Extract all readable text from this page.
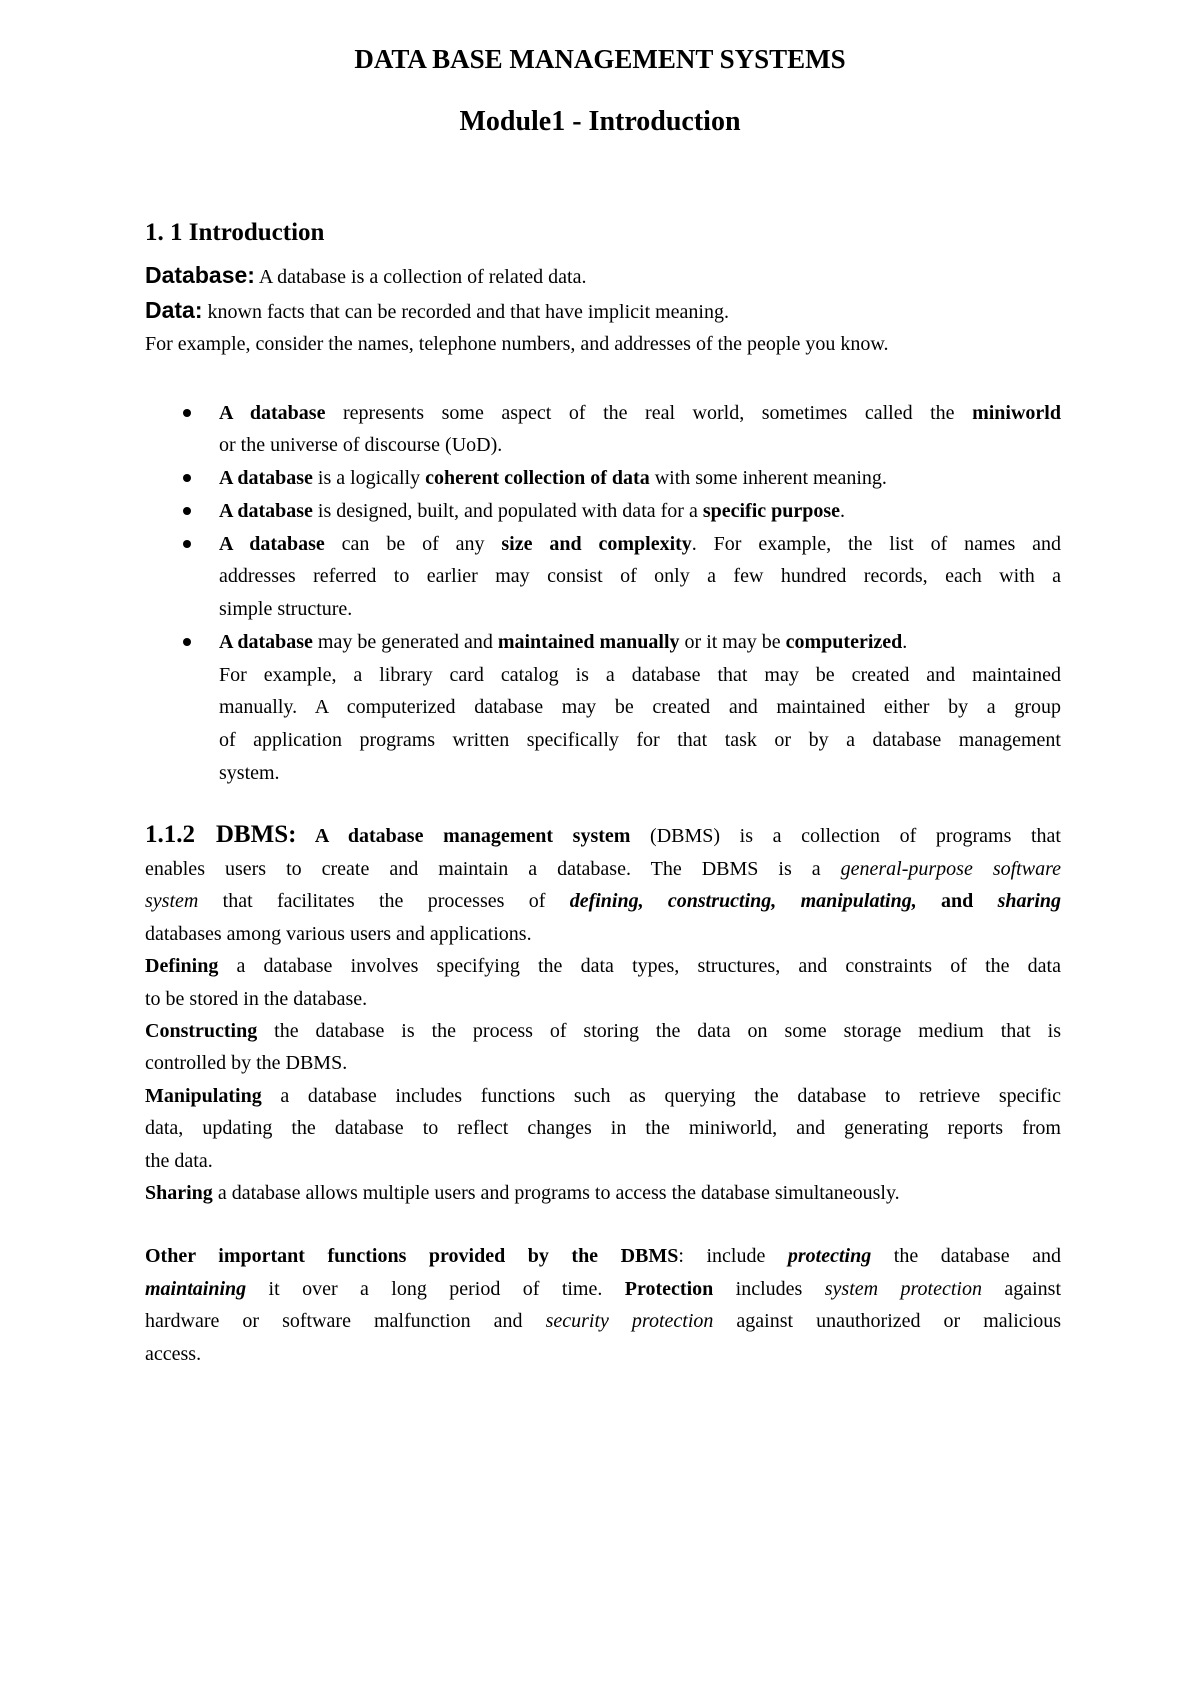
DATA BASE MANAGEMENT SYSTEMS
Module1 - Introduction
1. 1 Introduction
Database: A database is a collection of related data.
Data: known facts that can be recorded and that have implicit meaning.
For example, consider the names, telephone numbers, and addresses of the people you know.
A database represents some aspect of the real world, sometimes called the miniworld
or the universe of discourse (UoD).
A database is a logically coherent collection of data with some inherent meaning.
A database is designed, built, and populated with data for a specific purpose.
A database can be of any size and complexity. For example, the list of names and
addresses referred to earlier may consist of only a few hundred records, each with a
simple structure.
A database may be generated and maintained manually or it may be computerized.
For example, a library card catalog is a database that may be created and maintained
manually. A computerized database may be created and maintained either by a group
of application programs written specifically for that task or by a database management
system.
1.1.2 DBMS: A database management system (DBMS) is a collection of programs that
enables users to create and maintain a database. The DBMS is a general-purpose software
system that facilitates the processes of defining, constructing, manipulating, and sharing
databases among various users and applications.
Defining a database involves specifying the data types, structures, and constraints of the data
to be stored in the database.
Constructing the database is the process of storing the data on some storage medium that is
controlled by the DBMS.
Manipulating a database includes functions such as querying the database to retrieve specific
data, updating the database to reflect changes in the miniworld, and generating reports from
the data.
Sharing a database allows multiple users and programs to access the database simultaneously.
Other important functions provided by the DBMS: include protecting the database and
maintaining it over a long period of time. Protection includes system protection against
hardware or software malfunction and security protection against unauthorized or malicious
access.
